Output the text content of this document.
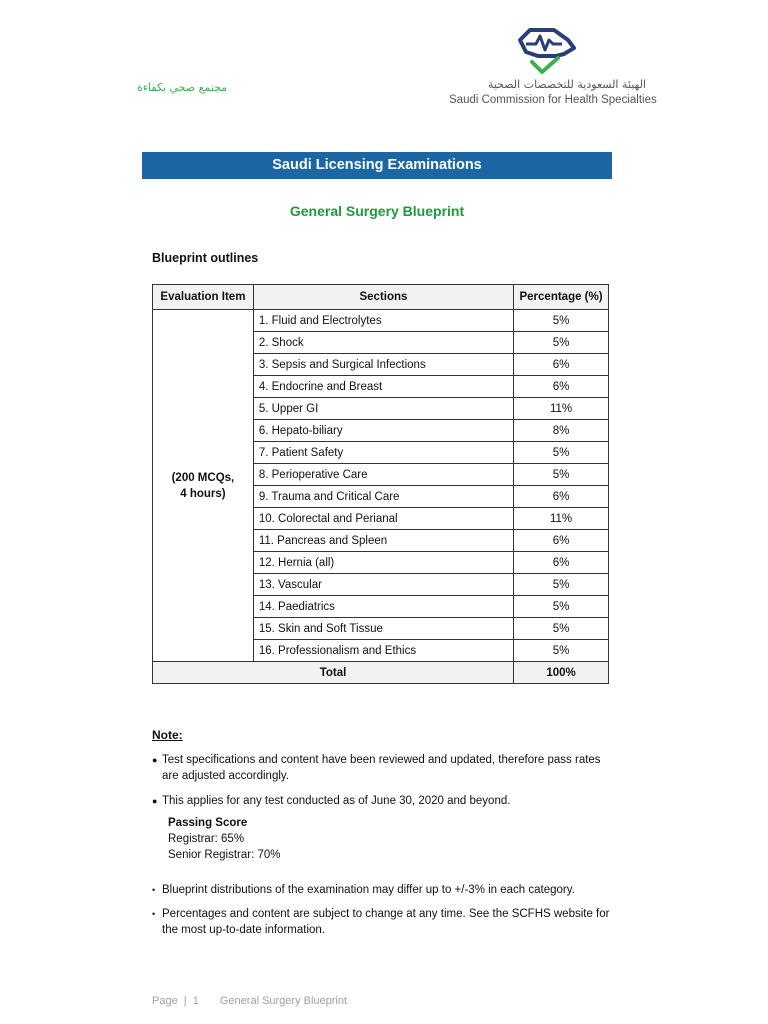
مجتمع صحي بكفاءة	الهيئة السعودية للتخصصات الصحية
Saudi Commission for Health Specialties
Saudi Licensing Examinations
General Surgery Blueprint
Blueprint outlines
Evaluation Item	Sections	Percentage (%)
(200 MCQs,
4 hours)	1. Fluid and Electrolytes	5%
	2. Shock	5%
	3. Sepsis and Surgical Infections	6%
	4. Endocrine and Breast	6%
	5. Upper GI	11%
	6. Hepato-biliary	8%
	7. Patient Safety	5%
	8. Perioperative Care	5%
	9. Trauma and Critical Care	6%
	10. Colorectal and Perianal	11%
	11. Pancreas and Spleen	6%
	12. Hernia (all)	6%
	13. Vascular	5%
	14. Paediatrics	5%
	15. Skin and Soft Tissue	5%
	16. Professionalism and Ethics	5%
Total		100%
Note:
● Test specifications and content have been reviewed and updated, therefore pass rates are adjusted accordingly.
● This applies for any test conducted as of June 30, 2020 and beyond.
Passing Score
Registrar: 65%
Senior Registrar: 70%
• Blueprint distributions of the examination may differ up to +/-3% in each category.
• Percentages and content are subject to change at any time. See the SCFHS website for the most up-to-date information.
Page | 1 General Surgery Blueprint
